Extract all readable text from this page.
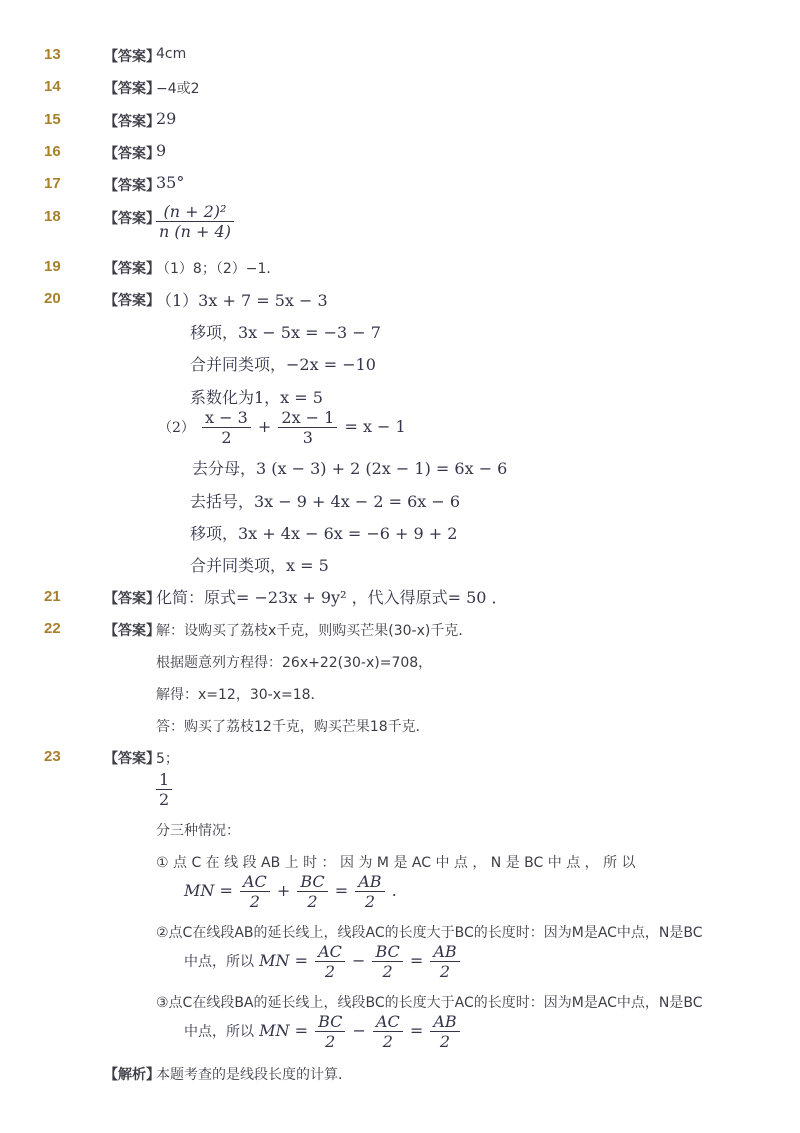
13	【答案】
4cm
14	【答案】
−4或2
15	【答案】
29
16	【答案】
9
17	【答案】
35°
18	【答案】
$\frac{\text{(n + 2)²}}{n (n + 4)}$
19	【答案】
（1）8；（2）−1．
20	【答案】
（1）3x + 7 = 5x − 3
移项，3x − 5x = −3 − 7
合并同类项，−2x = −10
系数化为1，x = 5
$(2) \frac{x - 3}{2} + \frac{2x - 1}{3} = x - 1$
去分母，3 (x − 3) + 2 (2x − 1) = 6x − 6
去括号，3x − 9 + 4x − 2 = 6x − 6
移项，3x + 4x − 6x = −6 + 9 + 2
合并同类项，x = 5
21	【答案】
化简：原式= −23x + 9y² ，代入得原式= 50 ．
22	【答案】
解：设购买了荔枝x千克，则购买芒果(30-x)千克．
根据题意列方程得：26x+22(30-x)=708，
解得：x=12，30-x=18．
答：购买了荔枝12千克，购买芒果18千克．
23	【答案】
5；
$\frac{1}{2}$
分三种情况：
① 点 C 在 线 段 AB 上 时 ： 因 为 M 是 AC 中 点 ， N 是 BC 中 点 ， 所 以
MN = $\frac{AC}{2} + \frac{BC}{2} = \frac{AB}{2}$ .
②点C在线段AB的延长线上，线段AC的长度大于BC的长度时：因为M是AC中点，N是BC
中点，所以 MN = $\frac{AC}{2} - \frac{BC}{2} = \frac{AB}{2}$
③点C在线段BA的延长线上，线段BC的长度大于AC的长度时：因为M是AC中点，N是BC
中点，所以 MN = $\frac{BC}{2} - \frac{AC}{2} = \frac{AB}{2}$
【解析】
本题考查的是线段长度的计算．
